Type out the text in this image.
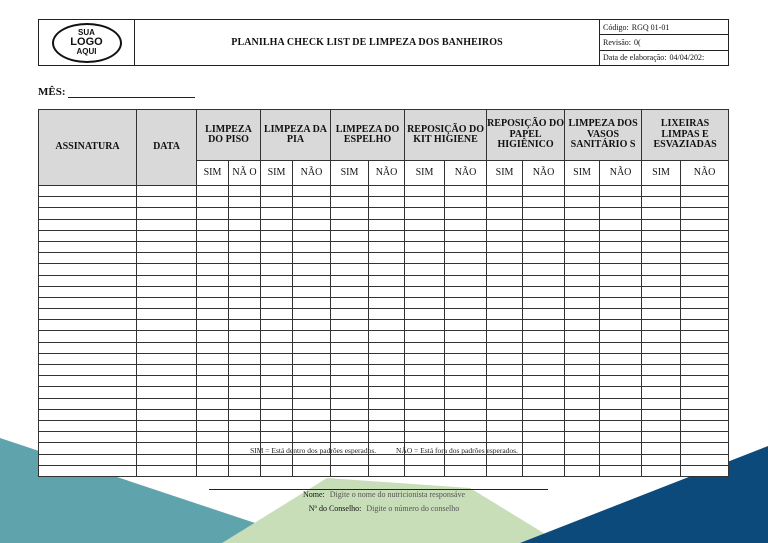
SUA
LOGO
AQUI
PLANILHA CHECK LIST DE LIMPEZA DOS BANHEIROS
Código: RGQ 01-01
Revisão: 0(
Data de elaboração: 04/04/202:
MÊS:
ASSINATURA	DATA	LIMPEZA DO PISO		LIMPEZA DA PIA		LIMPEZA DO ESPELHO		REPOSIÇÃO DO KIT HIGIENE		REPOSIÇÃO DO PAPEL HIGIÊNICO		LIMPEZA DOS VASOS SANITÁRIO S		LIXEIRAS LIMPAS E ESVAZIADAS	
		SIM	NÃ O	SIM	NÃO	SIM	NÃO	SIM	NÃO	SIM	NÃO	SIM	NÃO	SIM	NÃO

SIM = Está dentro dos padrões esperados.	NÃO = Está fora dos padrões esperados.
Nome: Digite o nome do nutricionista responsáve
Nº do Conselho: Digite o número do conselho
